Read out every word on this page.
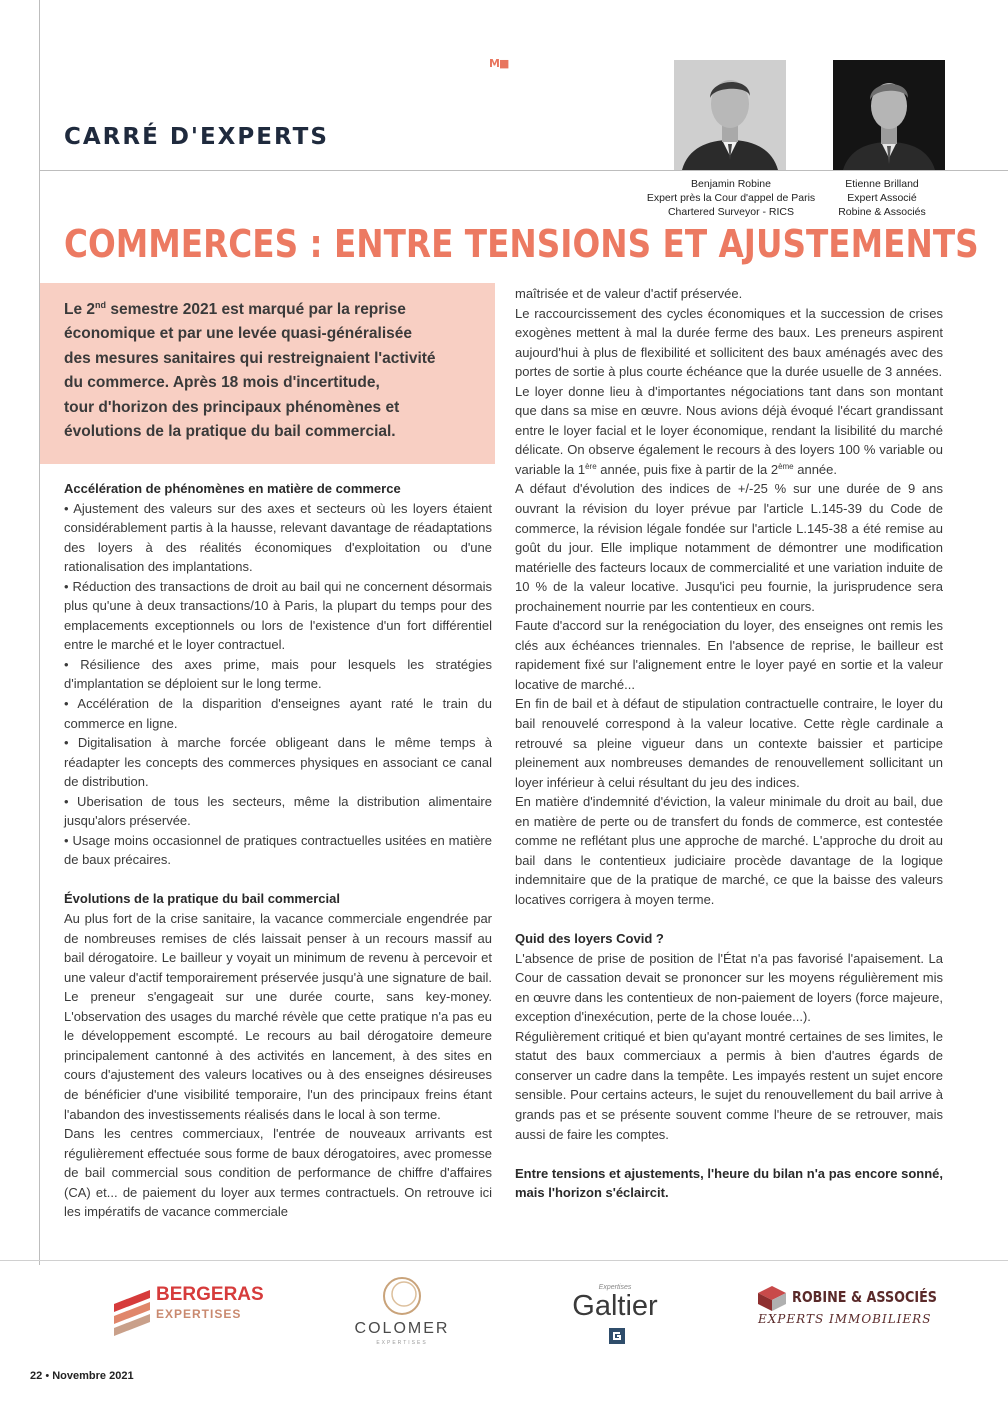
$^{M■}$
CARRÉ D'EXPERTS
Benjamin Robine
Expert près la Cour d'appel de Paris
Chartered Surveyor - RICS
Etienne Brilland
Expert Associé
Robine & Associés
COMMERCES : ENTRE TENSIONS ET AJUSTEMENTS

Le 2nd semestre 2021 est marqué par la reprise
économique et par une levée quasi-généralisée
des mesures sanitaires qui restreignaient l'activité
du commerce. Après 18 mois d'incertitude,
tour d'horizon des principaux phénomènes et
évolutions de la pratique du bail commercial.

Accélération de phénomènes en matière de commerce

• Ajustement des valeurs sur des axes et secteurs où les loyers étaient considérablement partis à la hausse, relevant davantage de réadaptations des loyers à des réalités économiques d'exploitation ou d'une rationalisation des implantations.

• Réduction des transactions de droit au bail qui ne concernent désormais plus qu'une à deux transactions/10 à Paris, la plupart du temps pour des emplacements exceptionnels ou lors de l'existence d'un fort différentiel entre le marché et le loyer contractuel.

• Résilience des axes prime, mais pour lesquels les stratégies d'implantation se déploient sur le long terme.

• Accélération de la disparition d'enseignes ayant raté le train du commerce en ligne.

• Digitalisation à marche forcée obligeant dans le même temps à réadapter les concepts des commerces physiques en associant ce canal de distribution.

• Uberisation de tous les secteurs, même la distribution alimentaire jusqu'alors préservée.

• Usage moins occasionnel de pratiques contractuelles usitées en matière de baux précaires.

Évolutions de la pratique du bail commercial

Au plus fort de la crise sanitaire, la vacance commerciale engendrée par de nombreuses remises de clés laissait penser à un recours massif au bail dérogatoire. Le bailleur y voyait un minimum de revenu à percevoir et une valeur d'actif temporairement préservée jusqu'à une signature de bail. Le preneur s'engageait sur une durée courte, sans key-money. L'observation des usages du marché révèle que cette pratique n'a pas eu le développement escompté. Le recours au bail dérogatoire demeure principalement cantonné à des activités en lancement, à des sites en cours d'ajustement des valeurs locatives ou à des enseignes désireuses de bénéficier d'une visibilité temporaire, l'un des principaux freins étant l'abandon des investissements réalisés dans le local à son terme.

Dans les centres commerciaux, l'entrée de nouveaux arrivants est régulièrement effectuée sous forme de baux dérogatoires, avec promesse de bail commercial sous condition de performance de chiffre d'affaires (CA) et... de paiement du loyer aux termes contractuels. On retrouve ici les impératifs de vacance commerciale

maîtrisée et de valeur d'actif préservée.

Le raccourcissement des cycles économiques et la succession de crises exogènes mettent à mal la durée ferme des baux. Les preneurs aspirent aujourd'hui à plus de flexibilité et sollicitent des baux aménagés avec des portes de sortie à plus courte échéance que la durée usuelle de 3 années.

Le loyer donne lieu à d'importantes négociations tant dans son montant que dans sa mise en œuvre. Nous avions déjà évoqué l'écart grandissant entre le loyer facial et le loyer économique, rendant la lisibilité du marché délicate. On observe également le recours à des loyers 100 % variable ou variable la 1ère année, puis fixe à partir de la 2ème année.

A défaut d'évolution des indices de +/-25 % sur une durée de 9 ans ouvrant la révision du loyer prévue par l'article L.145-39 du Code de commerce, la révision légale fondée sur l'article L.145-38 a été remise au goût du jour. Elle implique notamment de démontrer une modification matérielle des facteurs locaux de commercialité et une variation induite de 10 % de la valeur locative. Jusqu'ici peu fournie, la jurisprudence sera prochainement nourrie par les contentieux en cours.

Faute d'accord sur la renégociation du loyer, des enseignes ont remis les clés aux échéances triennales. En l'absence de reprise, le bailleur est rapidement fixé sur l'alignement entre le loyer payé en sortie et la valeur locative de marché...

En fin de bail et à défaut de stipulation contractuelle contraire, le loyer du bail renouvelé correspond à la valeur locative. Cette règle cardinale a retrouvé sa pleine vigueur dans un contexte baissier et participe pleinement aux nombreuses demandes de renouvellement sollicitant un loyer inférieur à celui résultant du jeu des indices.

En matière d'indemnité d'éviction, la valeur minimale du droit au bail, due en matière de perte ou de transfert du fonds de commerce, est contestée comme ne reflétant plus une approche de marché. L'approche du droit au bail dans le contentieux judiciaire procède davantage de la logique indemnitaire que de la pratique de marché, ce que la baisse des valeurs locatives corrigera à moyen terme.

Quid des loyers Covid ?

L'absence de prise de position de l'État n'a pas favorisé l'apaisement. La Cour de cassation devait se prononcer sur les moyens régulièrement mis en œuvre dans les contentieux de non-paiement de loyers (force majeure, exception d'inexécution, perte de la chose louée...).

Régulièrement critiqué et bien qu'ayant montré certaines de ses limites, le statut des baux commerciaux a permis à bien d'autres égards de conserver un cadre dans la tempête. Les impayés restent un sujet encore sensible. Pour certains acteurs, le sujet du renouvellement du bail arrive à grands pas et se présente souvent comme l'heure de se retrouver, mais aussi de faire les comptes.

Entre tensions et ajustements, l'heure du bilan n'a pas encore sonné, mais l'horizon s'éclaircit.

BERGERAS
EXPERTISES
COLOMER
EXPERTISES
Expertises
Galtier	ROBINE & ASSOCIÉS
EXPERTS IMMOBILIERS
22 • Novembre 2021
